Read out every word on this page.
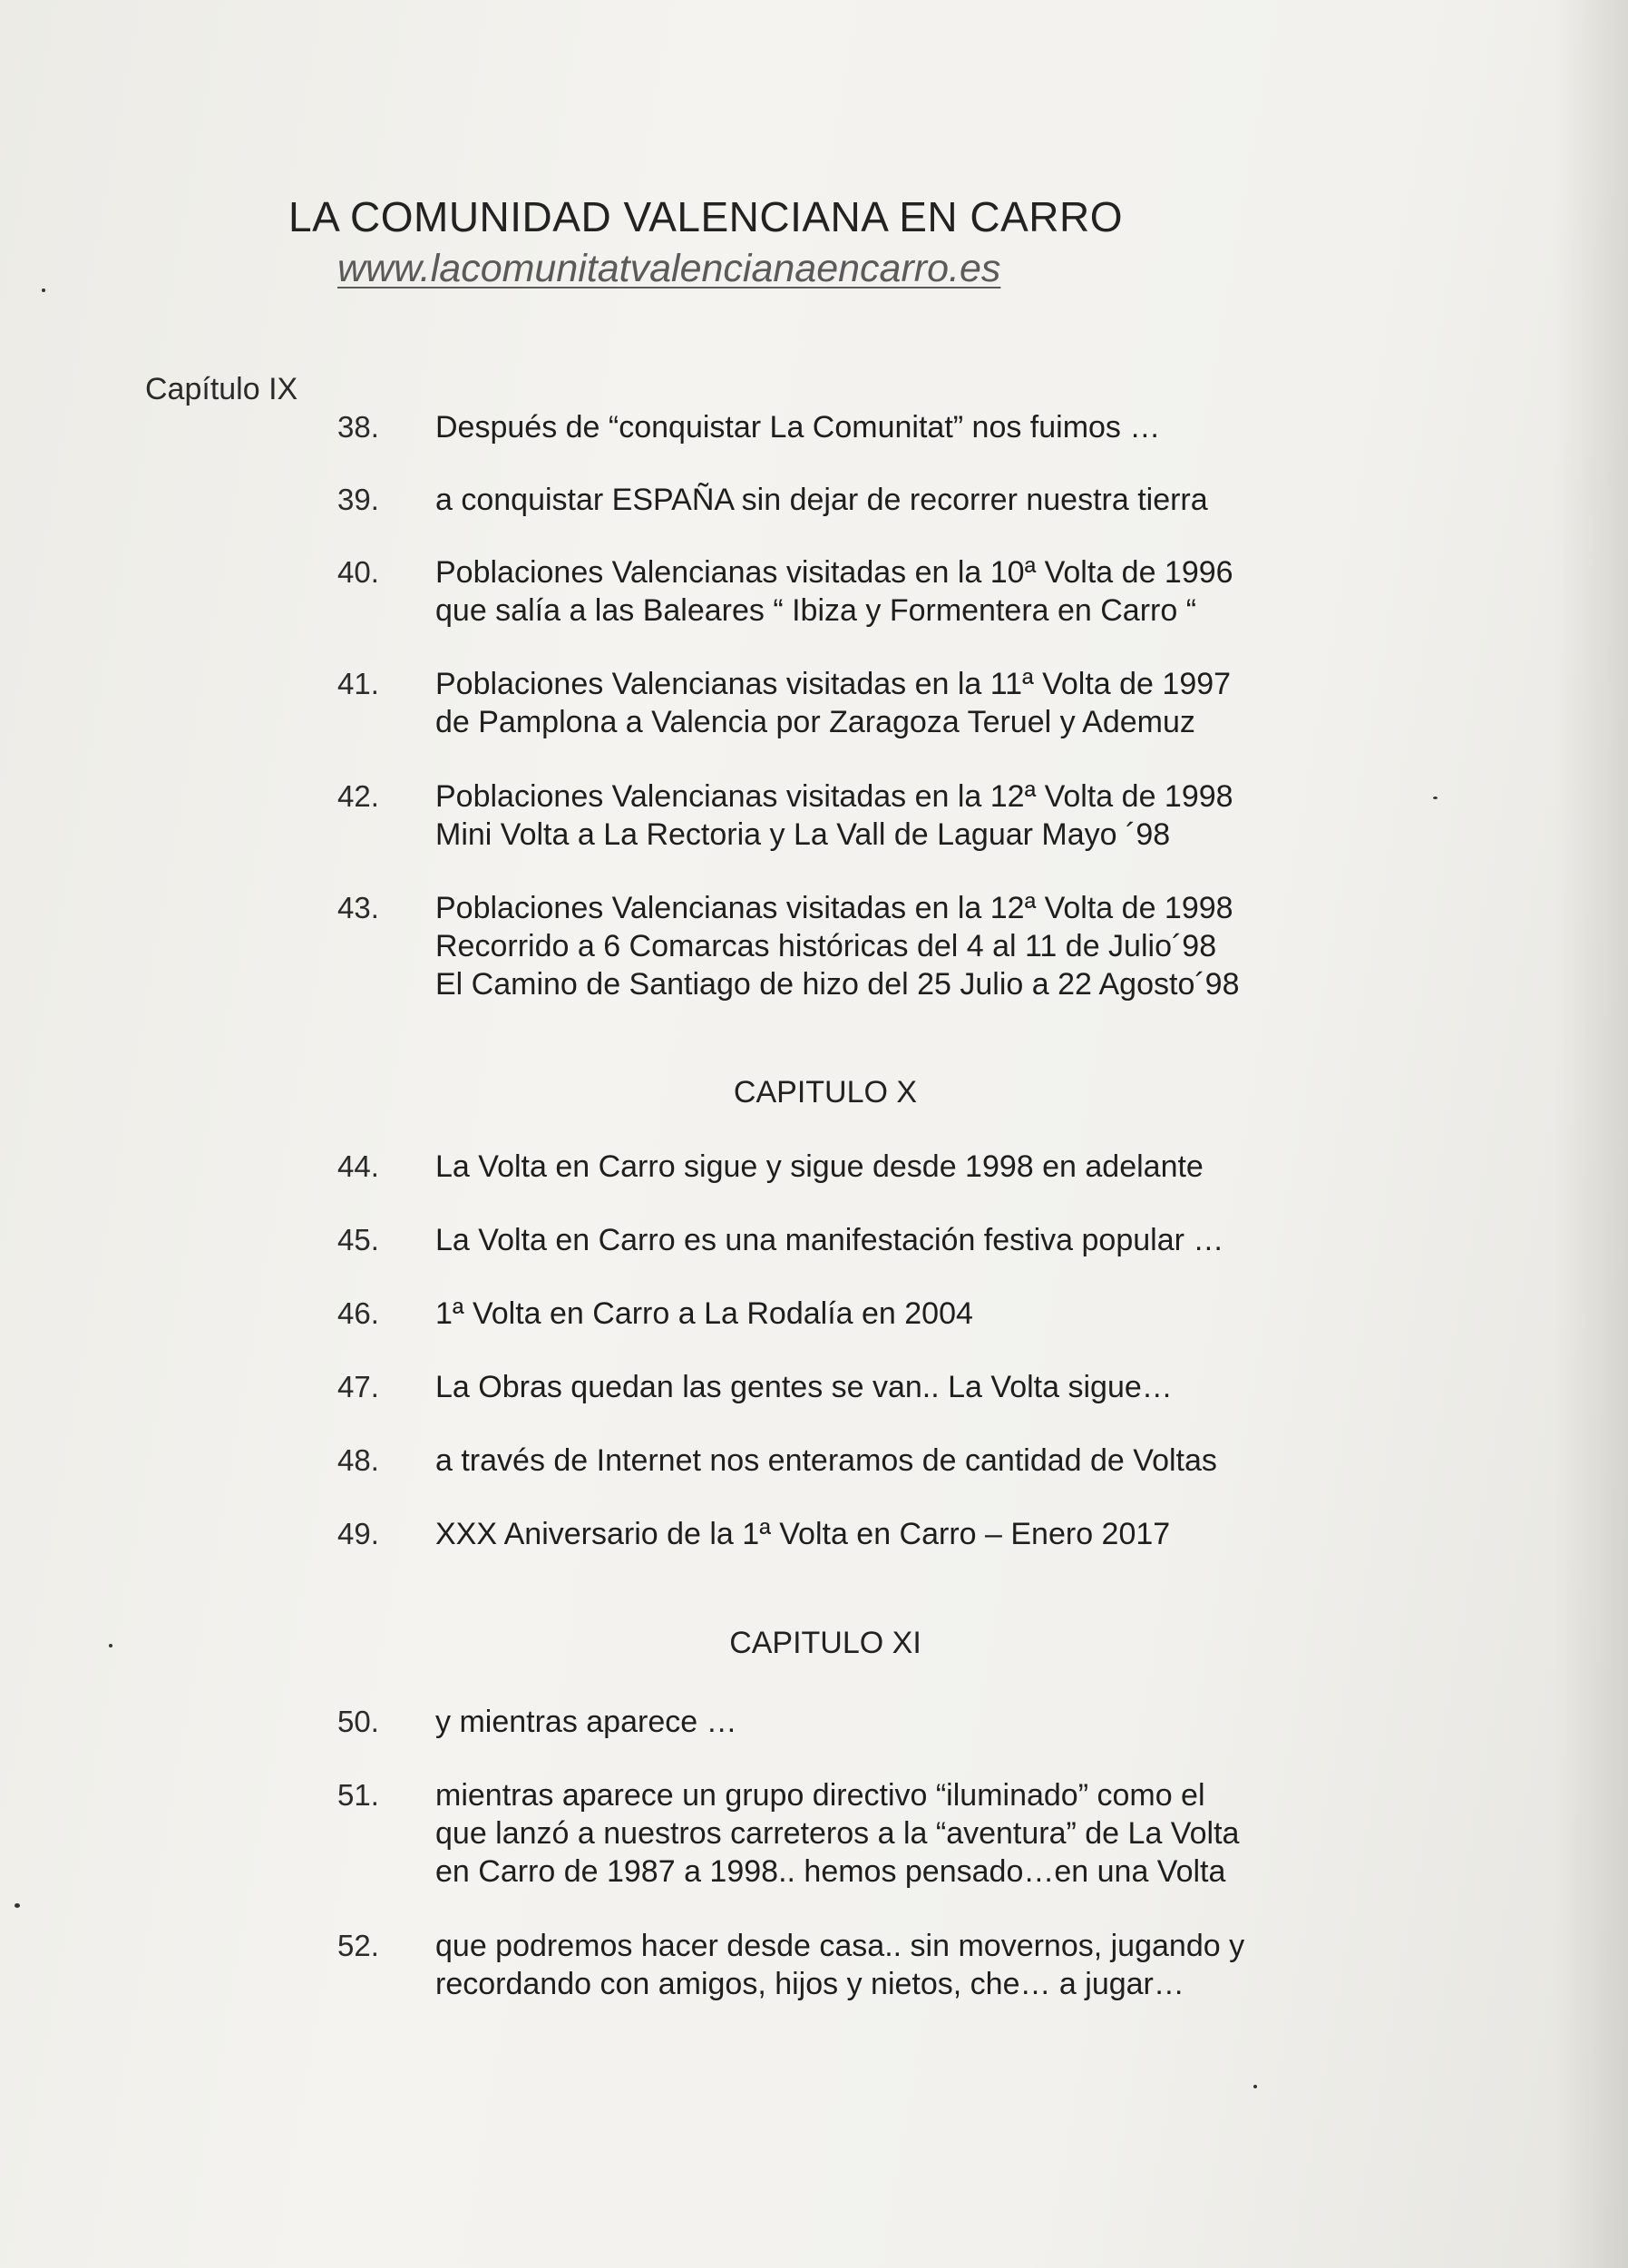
LA COMUNIDAD VALENCIANA EN CARRO
www.lacomunitatvalencianaencarro.es
Capítulo IX
38.	Después de “conquistar La Comunitat” nos fuimos …
39.	a conquistar ESPAÑA sin dejar de recorrer nuestra tierra
40.	Poblaciones Valencianas visitadas en la 10ª Volta de 1996
que salía a las Baleares “ Ibiza y Formentera en Carro “
41.	Poblaciones Valencianas visitadas en la 11ª Volta de 1997
de Pamplona a Valencia por Zaragoza Teruel y Ademuz
42.	Poblaciones Valencianas visitadas en la 12ª Volta de 1998
Mini Volta a La Rectoria y La Vall de Laguar Mayo ´98
43.	Poblaciones Valencianas visitadas en la 12ª Volta de 1998
Recorrido a 6 Comarcas históricas del 4 al 11 de Julio´98
El Camino de Santiago de hizo del 25 Julio a 22 Agosto´98
CAPITULO X
44.	La Volta en Carro sigue y sigue desde 1998 en adelante
45.	La Volta en Carro es una manifestación festiva popular …
46.	1ª Volta en Carro a La Rodalía en 2004
47.	La Obras quedan las gentes se van.. La Volta sigue…
48.	a través de Internet nos enteramos de cantidad de Voltas
49.	XXX Aniversario de la 1ª Volta en Carro – Enero 2017
CAPITULO XI
50.	y mientras aparece …
51.	mientras aparece un grupo directivo “iluminado” como el
que lanzó a nuestros carreteros a la “aventura” de La Volta
en Carro de 1987 a 1998.. hemos pensado…en una Volta
52.	que podremos hacer desde casa.. sin movernos, jugando y
recordando con amigos, hijos y nietos, che… a jugar…
